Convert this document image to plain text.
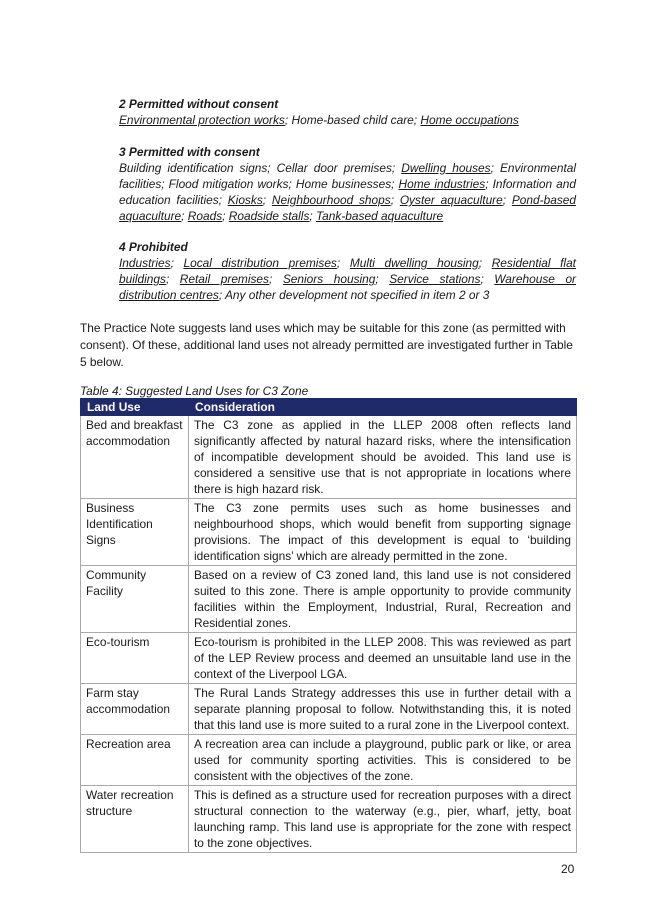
2 Permitted without consent

Environmental protection works; Home-based child care; Home occupations

3 Permitted with consent

Building identification signs; Cellar door premises; Dwelling houses; Environmental facilities; Flood mitigation works; Home businesses; Home industries; Information and education facilities; Kiosks; Neighbourhood shops; Oyster aquaculture; Pond-based aquaculture; Roads; Roadside stalls; Tank-based aquaculture

4 Prohibited

Industries; Local distribution premises; Multi dwelling housing; Residential flat buildings; Retail premises; Seniors housing; Service stations; Warehouse or distribution centres; Any other development not specified in item 2 or 3

The Practice Note suggests land uses which may be suitable for this zone (as permitted with consent). Of these, additional land uses not already permitted are investigated further in Table 5 below.

Table 4: Suggested Land Uses for C3 Zone

Land Use	Consideration
Bed and breakfast accommodation	The C3 zone as applied in the LLEP 2008 often reflects land significantly affected by natural hazard risks, where the intensification of incompatible development should be avoided. This land use is considered a sensitive use that is not appropriate in locations where there is high hazard risk.
Business Identification Signs	The C3 zone permits uses such as home businesses and neighbourhood shops, which would benefit from supporting signage provisions. The impact of this development is equal to ‘building identification signs’ which are already permitted in the zone.
Community Facility	Based on a review of C3 zoned land, this land use is not considered suited to this zone. There is ample opportunity to provide community facilities within the Employment, Industrial, Rural, Recreation and Residential zones.
Eco-tourism	Eco-tourism is prohibited in the LLEP 2008. This was reviewed as part of the LEP Review process and deemed an unsuitable land use in the context of the Liverpool LGA.
Farm stay accommodation	The Rural Lands Strategy addresses this use in further detail with a separate planning proposal to follow. Notwithstanding this, it is noted that this land use is more suited to a rural zone in the Liverpool context.
Recreation area	A recreation area can include a playground, public park or like, or area used for community sporting activities. This is considered to be consistent with the objectives of the zone.
Water recreation structure	This is defined as a structure used for recreation purposes with a direct structural connection to the waterway (e.g., pier, wharf, jetty, boat launching ramp. This land use is appropriate for the zone with respect to the zone objectives.

20
